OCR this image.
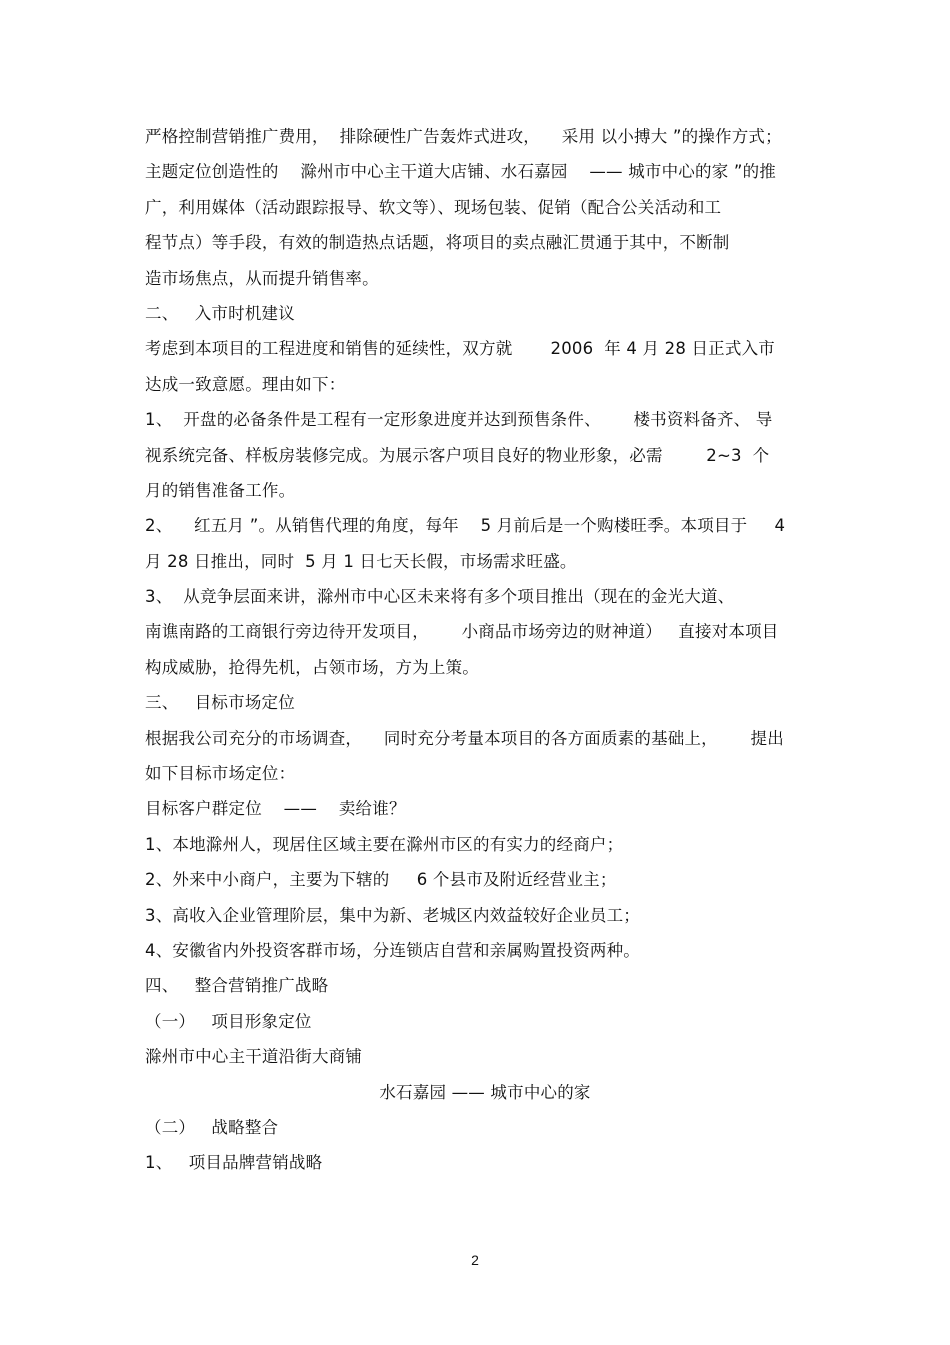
严格控制营销推广费用，  排除硬性广告轰炸式进攻，    采用 以小搏大 ”的操作方式；
主题定位创造性的    滁州市中心主干道大店铺、水石嘉园    —— 城市中心的家 ”的推
广，利用媒体（活动跟踪报导、软文等）、现场包装、促销（配合公关活动和工
程节点）等手段，有效的制造热点话题，将项目的卖点融汇贯通于其中，不断制
造市场焦点，从而提升销售率。
二、   入市时机建议
考虑到本项目的工程进度和销售的延续性，双方就       2006  年 4 月 28 日正式入市
达成一致意愿。理由如下：
1、  开盘的必备条件是工程有一定形象进度并达到预售条件、      楼书资料备齐、 导
视系统完备、样板房装修完成。为展示客户项目良好的物业形象，必需        2~3  个
月的销售准备工作。
2、    红五月 ”。从销售代理的角度，每年    5 月前后是一个购楼旺季。本项目于     4
月 28 日推出，同时  5 月 1 日七天长假，市场需求旺盛。
3、  从竞争层面来讲，滁州市中心区未来将有多个项目推出（现在的金光大道、
南谯南路的工商银行旁边待开发项目，      小商品市场旁边的财神道）   直接对本项目
构成威胁，抢得先机，占领市场，方为上策。
三、   目标市场定位
根据我公司充分的市场调查，    同时充分考量本项目的各方面质素的基础上，      提出
如下目标市场定位：
目标客户群定位    ——    卖给谁？
1、本地滁州人，现居住区域主要在滁州市区的有实力的经商户；
2、外来中小商户，主要为下辖的     6 个县市及附近经营业主；
3、高收入企业管理阶层，集中为新、老城区内效益较好企业员工；
4、安徽省内外投资客群市场，分连锁店自营和亲属购置投资两种。
四、   整合营销推广战略
（一）   项目形象定位
滁州市中心主干道沿街大商铺
水石嘉园 —— 城市中心的家
（二）   战略整合
1、   项目品牌营销战略
2
